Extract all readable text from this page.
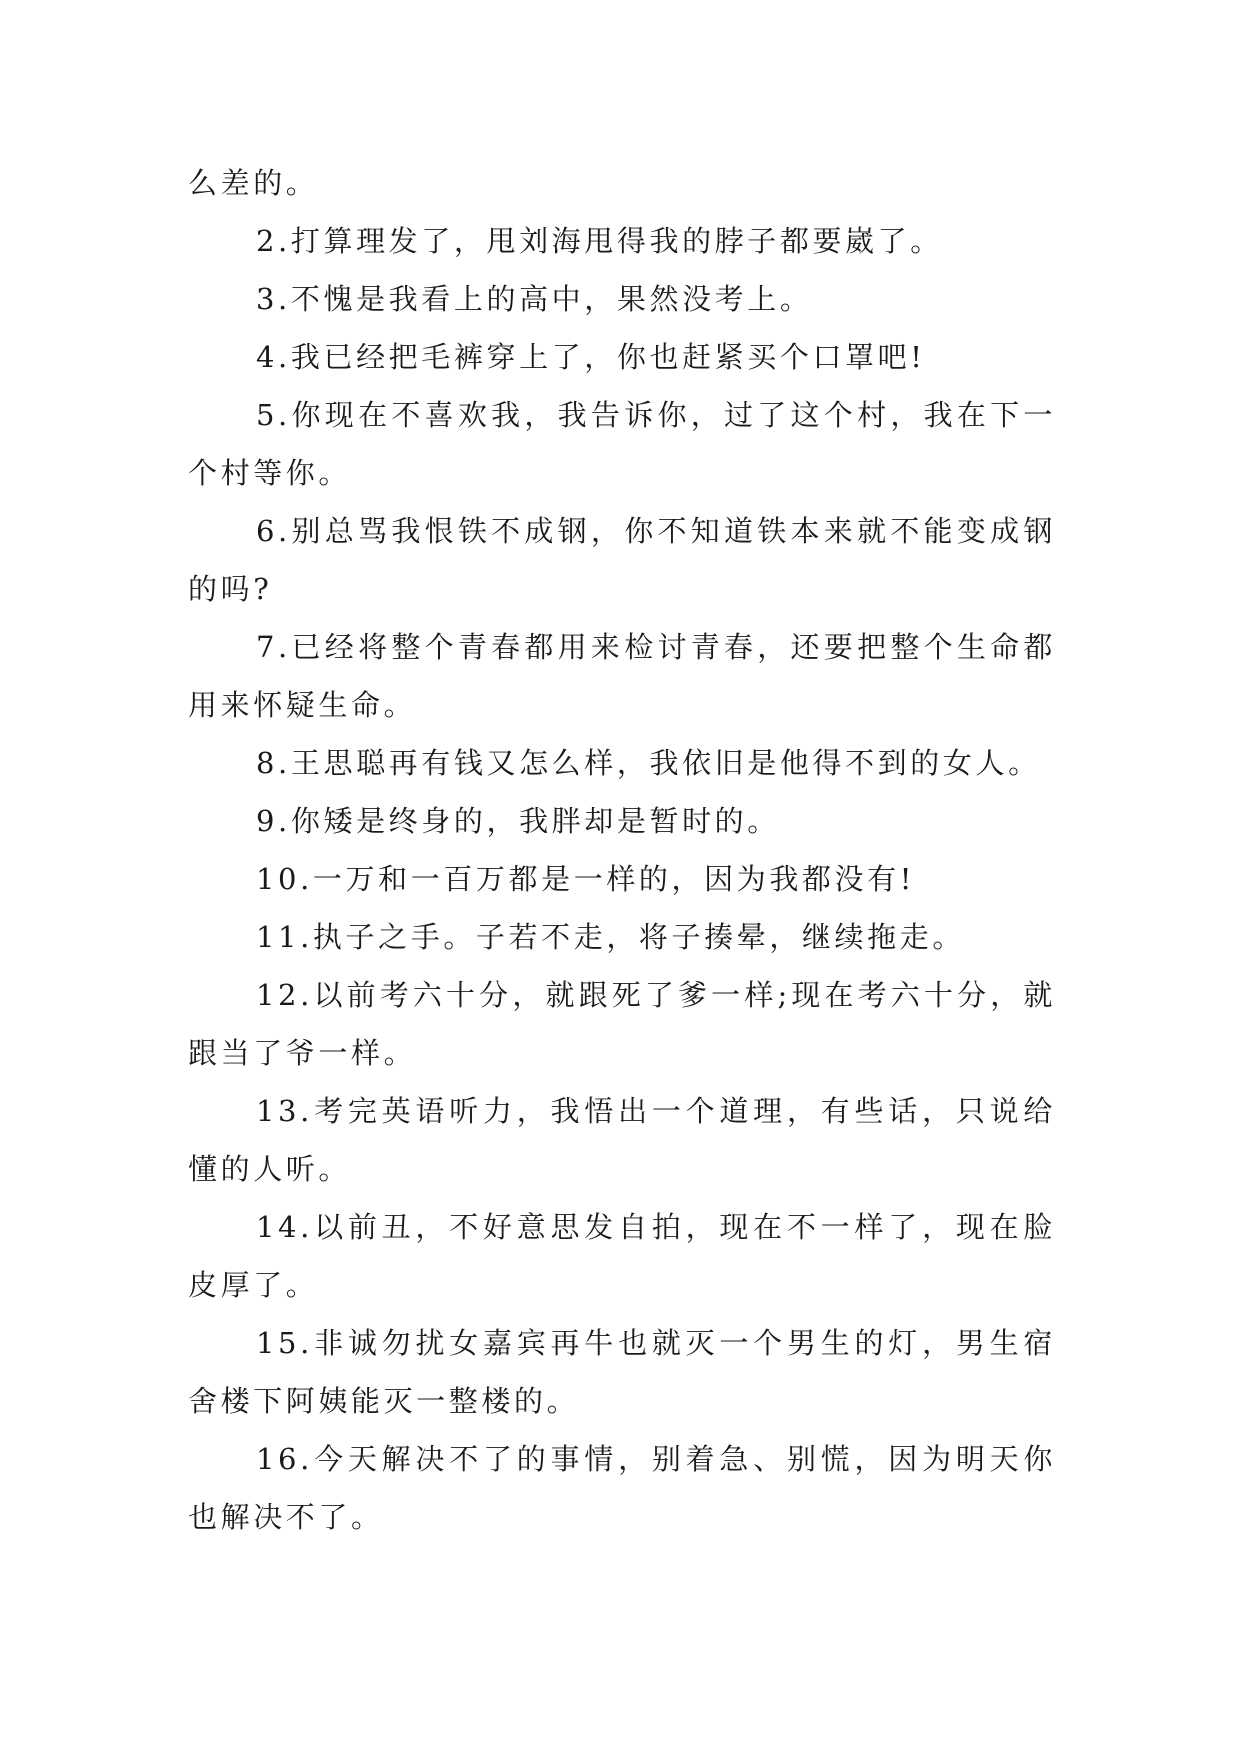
么差的。

2.打算理发了，甩刘海甩得我的脖子都要崴了。

3.不愧是我看上的高中，果然没考上。

4.我已经把毛裤穿上了，你也赶紧买个口罩吧!

5.你现在不喜欢我，我告诉你，过了这个村，我在下一个村等你。

6.别总骂我恨铁不成钢，你不知道铁本来就不能变成钢的吗?

7.已经将整个青春都用来检讨青春，还要把整个生命都用来怀疑生命。

8.王思聪再有钱又怎么样，我依旧是他得不到的女人。

9.你矮是终身的，我胖却是暂时的。

10.一万和一百万都是一样的，因为我都没有!

11.执子之手。子若不走，将子揍晕，继续拖走。

12.以前考六十分，就跟死了爹一样;现在考六十分，就跟当了爷一样。

13.考完英语听力，我悟出一个道理，有些话，只说给懂的人听。

14.以前丑，不好意思发自拍，现在不一样了，现在脸皮厚了。

15.非诚勿扰女嘉宾再牛也就灭一个男生的灯，男生宿舍楼下阿姨能灭一整楼的。

16.今天解决不了的事情，别着急、别慌，因为明天你也解决不了。
